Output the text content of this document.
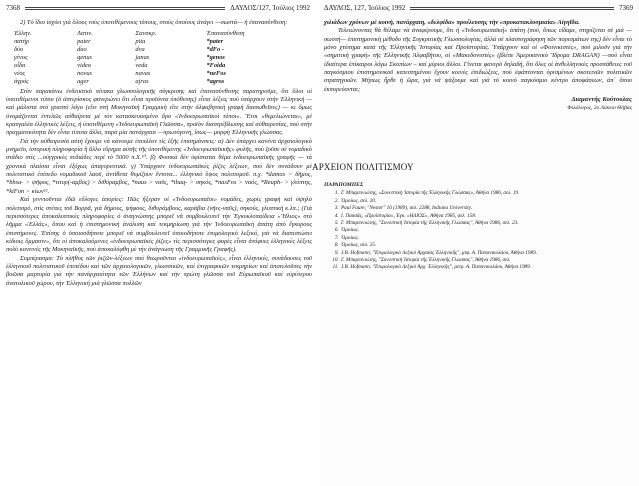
7368	ΔΑΥΛΟΣ/127, Ἰούλιος 1992

2) Τὸ ἴδιο ἰσχύει γιὰ ὅλους τοὺς ὑποτιθέμενους τύπους, στοὺς ὁποίους ἀνάγει —σωστά— ἡ ἐπανασύνθεση:

Ἑλλην.	Λατιν.	Σανσκρ.	Ἐπανασύνθεση
πατήρ	pater	pita	*pater
δύο	duo	dva	*dFo -
γένος	genus	janas	*genos
οἶδα	video	veda	*Foida
νέος	novus	navas	*neFos
ἀγρός	ager	ajras	*agros

Στὸν παρακάνω ἐνδεικτικὸ πίνακα γλωσσολογικῆς σύγκρισης καὶ ἐπανασύνθεσης παρατηροῦμε, ὅτι ὅλοι οἱ ὑποτιθέμενοι τύποι (ὁ ἀστερίσκος φανερώνει ὅτι εἶναι προϊόντα ὑπόθεσης) εἶναι λέξεις ποὺ ὑπάρχουν στὴν Ἑλληνικὴ — καὶ μάλιστα στὸ γραπτὸ λόγο (εἴτε στὴ Μυκηναϊκὴ Γραμμικὴ εἴτε στὴν ἀλφαβητικὴ γραφὴ διασωθεῖσες) — κι ὅμως ὀνομάζονται ἐντελῶς αὐθαίρετα μὲ τὸν κατασκευασμένο ὅρο «Ἰνδοευρωπαϊκοὶ τύποι». Ἔτσι «θεμελιώνεται», μὲ κραυγαλέα ἑλληνικὲς λέξεις, ἡ ὑποτιθέμενη «Ἰνδοευρωπαϊκὴ Γλῶσσα», προϊὸν διαστρέβλωσης καὶ αὐθαιρεσίας, ποὺ στὴν πραγματικότητα δὲν εἶναι τίποτα ἄλλο, παρὰ μία πανάρχαια —πρωτόγονη, ἴσως— μορφὴ Ἑλληνικῆς γλώσσας.

Γιὰ τὴν αὐθαιρεσία αὐτὴ ἔχουμε νὰ κάνουμε ἐπιπλέον τὶς ἑξῆς ἐπισημάνσεις: α) Δὲν ὑπάρχει κανένα ἀρχαιολογικὸ μνημεῖο, ἱστορικὴ πληροφορία ἢ ἄλλο εὕρημα αὐτῆς τῆς ὑποτιθέμενης «Ἰνδοευρωπαϊκκῆς» φυλῆς, ποὺ ζοῦσε σὲ νομαδικὸ στάδιο στὶς ...οὐγγρικὲς πεδιάδες περὶ τὸ 5000 π.Χ.¹⁰. β) Φυσικὰ δὲν ὑφίσταται θέμα ἰνδοευρωπαϊκῆς γραφῆς — τὰ χρονικὰ πλαίσια εἶναι ἐξόχως ἀπαγορευτικά. γ) Ὑπάρχουν ἰνδοευρωπαϊκὲς ῥίζες λέξεων, ποὺ δὲν συνάδουν μὲ πολιτιστικὸ ἐπίπεδο νομαδικοῦ λαοῦ, ἀντίθετα θυμίζουν ἔντονα... ἑλληνικὸ ὕψος πολιτισμοῦ. π.χ. *damos > δῆμος, *bhsa- > ψῆφος, *τιτυρ(-αμβος) > διθύραμβος, *naus > ναῦς, *thaq- > σηκός, *nasFos > ναός, *Reuph- > γλύπτης, *kiFon > κίων¹¹.

Καὶ γεννιοῦνται ἐδῶ εὔλογες ἀπορίες: Πῶς ἤξεραν οἱ «Ἰνδοευρωπαῖοι» νομάδες, χωρὶς γραφὴ καὶ ὑψηλὸ πολιτισμό, στὶς στέπες τοῦ Βορρᾶ, γιὰ δήμους, ψήφους, διθυράμβους, καράβια (νῆες-ναῦς), σηκούς, γλυπτικὴ κ.λπ.; (Γιὰ περισσότερες ἀποκαλυπτικὲς πληροφορίες ὁ ἀναγνώστης μπορεῖ νὰ συμβουλευτεῖ τὴν Ἐγκυκλοπαίδεια «Ἥλιος» στὸ λῆμμα «Ἑλλάς», ὅπου καὶ ἡ ἐπιστημονικὴ ἀνάλυση καὶ τεκμηρίωση γιὰ τὴν Ἰνδοευρωπαϊκὴ ἀπάτη ἀπὸ ἔγκυρους ἐπιστήμονες. Ἐπίσης ὁ ὁποιοσδήποτε μπορεῖ νὰ συμβουλευτεῖ ὁποιοδήποτε ἐτυμολογικὸ λεξικό, γιὰ νὰ διαπιστώσει κίδιοις ὄμμασιν», ὅτι οἱ ἀποκαλούμενες «ἰνδοευρωπαϊκὲς ῥίζες» τὶς περισσότερες φορὲς εἶναι ἀτόφυες ἑλληνικὲς λέξεις πολὺ κοντινὲς τῆς Μυκηναϊκῆς, ποὺ ἀποκαλύφθη μὲ τὴν ἀνάγνωση τῆς Γραμμικῆς Γραφῆς).

Συμπέρασμα: Τὸ πλῆθος τῶν ῥιζῶν-λέξεων ποὺ θεωροῦνται «ἰνδοευρωπαϊκές», εἶναι ἑλληνικές, συνάδουσες τοῦ ἑλληνικοῦ πολιτιστικοῦ ἐπιπέδου καὶ τῶν ἀρχαιολογικῶν, γλωσσικῶν, καὶ ἐπιγραφικῶν τεκμηρίων καὶ ἀποτελοῦσες τὴν βοῶσα μαρτυρία γιὰ τὴν πανάρχαιότητα τῶν Ἑλλήνων καὶ τὴν πρώτη γλῶσσα τοῦ Εὐρωπαϊκοῦ καὶ εὐρύτερου ἀνατολικοῦ χώρου, τὴν Ἑλληνική μιὰ γλῶσσα πολλῶν

ΔΑΥΛΟΣ, 127, Ἰούλιος 1992	7369

χιλιάδων χρόνων μὲ κοινή, πανάρχαιη, «δελφίδα» προέλευσης τὴν «προκατακλυσμιαία» Αἰγηΐδα.

Τελειώνοντας θὰ θέλαμε νὰ ἀναφέρουμε, ὅτι ἡ «Ἰνδοευρωπαϊκή» ἀπάτη (πού, ὅπως εἴδαμε, στηρίζεται σὲ μιὰ —σωστή— ἐπιστημονικὴ μέθοδο τῆς Συγκριτικῆς Γλωσσολογίας, ἀλλὰ σὲ πλαστογράφηση τῶν πορισμάτων της) δὲν εἶναι τὸ μόνο χτύπημα κατὰ τῆς Ἑλληνικῆς Ἱστορίας καὶ Προϊστορίας. Ὑπάρχουν καὶ οἱ «Φοινικιστές», ποὺ μιλοῦν γιὰ τὴν «σημιτικὴ γραφή» τῆς Ἑλληνικῆς Ἀλφαβήτου, οἱ «Μακεδονιστές» (βλέπε Ἀμερικανικὸ Ἵδρυμα DRAGAN) —ποὺ εἶναι ἰδιαίτερα ἐπίκαιροι λόγω Σκοπίων – καὶ μύριοι ἄλλοι. Γίνεται φανερὸ δηλαδή, ὅτι ὅλες οἱ ἀνθελληνικὲς προσπάθειες τοῦ παγκόσμιου ἐπιστημονικοῦ κατεστημένου ἔχουν κοινὲς ἐπιδιώξεις, ποὺ ἐφάπτονται ὁρισμένων σκοτεινῶν πολιτικῶν στρατηγικῶν. Μήπως ἦρθε ἡ ὥρα, γιὰ νὰ ψάξουμε καὶ γιὰ τὸ κοινὸ παγκόσμιο κέντρο ἀποφάσεων, ἀπ᾿ ὅπου ἐκπορεύονται;

Διαμαντής Κούτουλας
Φιλόλογος, 2ο Λύκειο Θήβας
ΑΡΧΕΙΟΝ ΠΟΛΙΤΙΣΜΟΥ
ΠΑΡΑΠΟΜΠΕΣ
1. Γ. Μπαμπινιώτης, «Συνοπτικὴ Ἱστορία τῆς Ἑλληνικῆς Γλώσσας», Ἀθήνα 1986, σελ. 19.
2. Ὁμοίως, σελ. 20.
3. Paul Faure, "Nestor" 16 (1989), σελ. 2288, Indiana University.
4. Ι. Πασσᾶς, «Προϊστορία», Ἐγκ. «ΗΛΙΟΣ», Ἀθήνα 1985, σελ. 158.
5. Γ. Μπαμπινιώτης, "Συνοπτικὴ Ἱστορία τῆς Ἑλληνικῆς Γλώσσας", Ἀθήνα 1986, σελ. 23.
6. Ὁμοίως.
7. Ὁμοίως.
8. Ὁμοίως, σελ. 25.
9. J.B. Hofmann, "Ἐτυμολογικὸ Λεξικὸ Ἀρχαίας Ἑλληνικῆς", μτφ. Α. Παπανικολάου, Ἀθήνα 1989.
10. Γ. Μπαμπινιώτης, "Συνοπτικὴ Ἱστορία τῆς Ἑλληνικῆς Γλώσσας", Ἀθήνα 1986, σελ.
11. J.B. Hofmann, "Ἐτυμολογικὸ Λεξικὸ Ἀρχ. Ἑλληνικῆς", μετρ. Α. Παπανικολάου, Ἀθήνα 1989.
